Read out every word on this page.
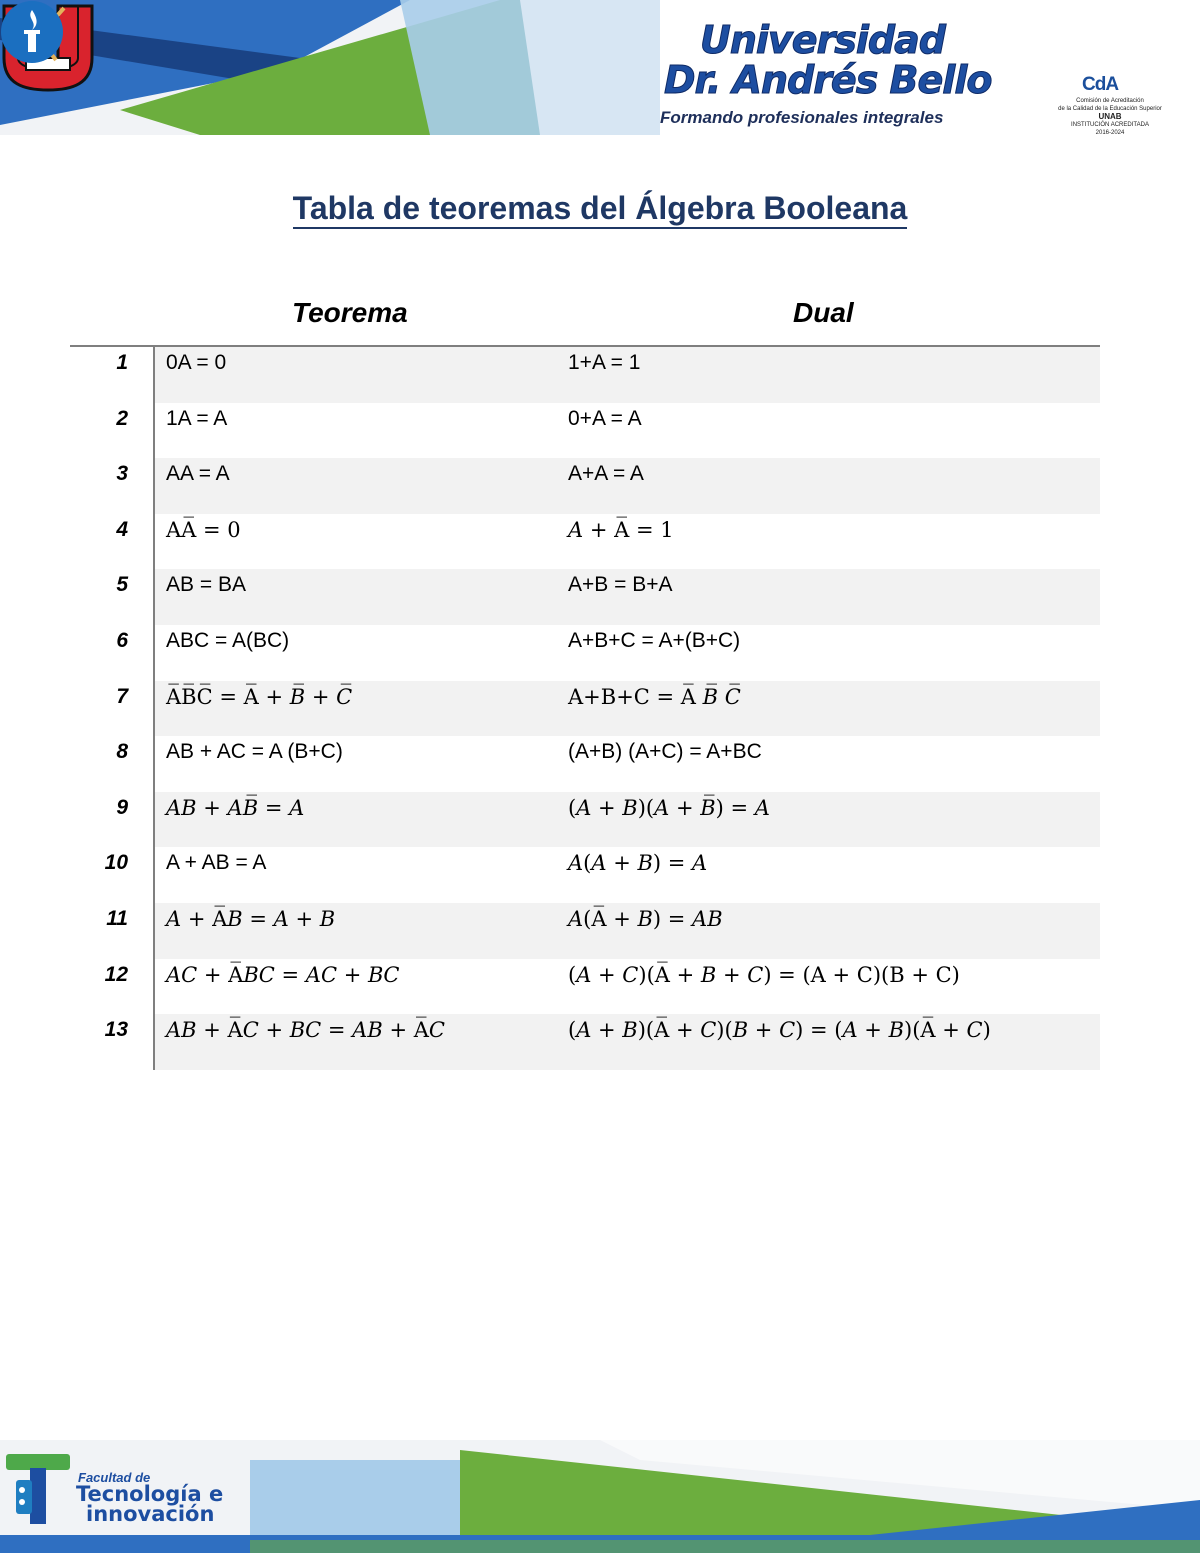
Universidad
Dr. Andrés Bello
Formando profesionales integrales
CdA
Comisión de Acreditación
de la Calidad de la Educación Superior
UNAB
INSTITUCIÓN ACREDITADA
2016-2024
Tabla de teoremas del Álgebra Booleana
Teorema	Dual
1 0A = 0	1+A = 1
2 1A = A	0+A = A
3 AA = A	A+A = A
4 AA̅ = 0	𝐴 + A̅ = 1
5 AB = BA	A+B = B+A
6 ABC = A(BC)	A+B+C = A+(B+C)
7 A̅B̅C̅ = A̅ + 𝐵̅ + 𝐶̅	A+B+C = A̅ 𝐵̅ 𝐶̅
8 AB + AC = A (B+C)	(A+B) (A+C) = A+BC
9 𝐴𝐵 + 𝐴𝐵̅ = 𝐴	(𝐴 + 𝐵)(𝐴 + 𝐵̅) = 𝐴
10 A + AB = A	𝐴(𝐴 + 𝐵) = 𝐴
11 𝐴 + A̅𝐵 = 𝐴 + 𝐵	𝐴(A̅ + 𝐵) = 𝐴𝐵
12 𝐴𝐶 + A̅𝐵𝐶 = 𝐴𝐶 + 𝐵𝐶	(𝐴 + 𝐶)(A̅ + 𝐵 + 𝐶) = (A + C)(B + C)
13 𝐴𝐵 + A̅𝐶 + 𝐵𝐶 = 𝐴𝐵 + A̅𝐶	(𝐴 + 𝐵)(A̅ + 𝐶)(𝐵 + 𝐶) = (𝐴 + 𝐵)(A̅ + 𝐶)
Facultad de
Tecnología e
innovación
